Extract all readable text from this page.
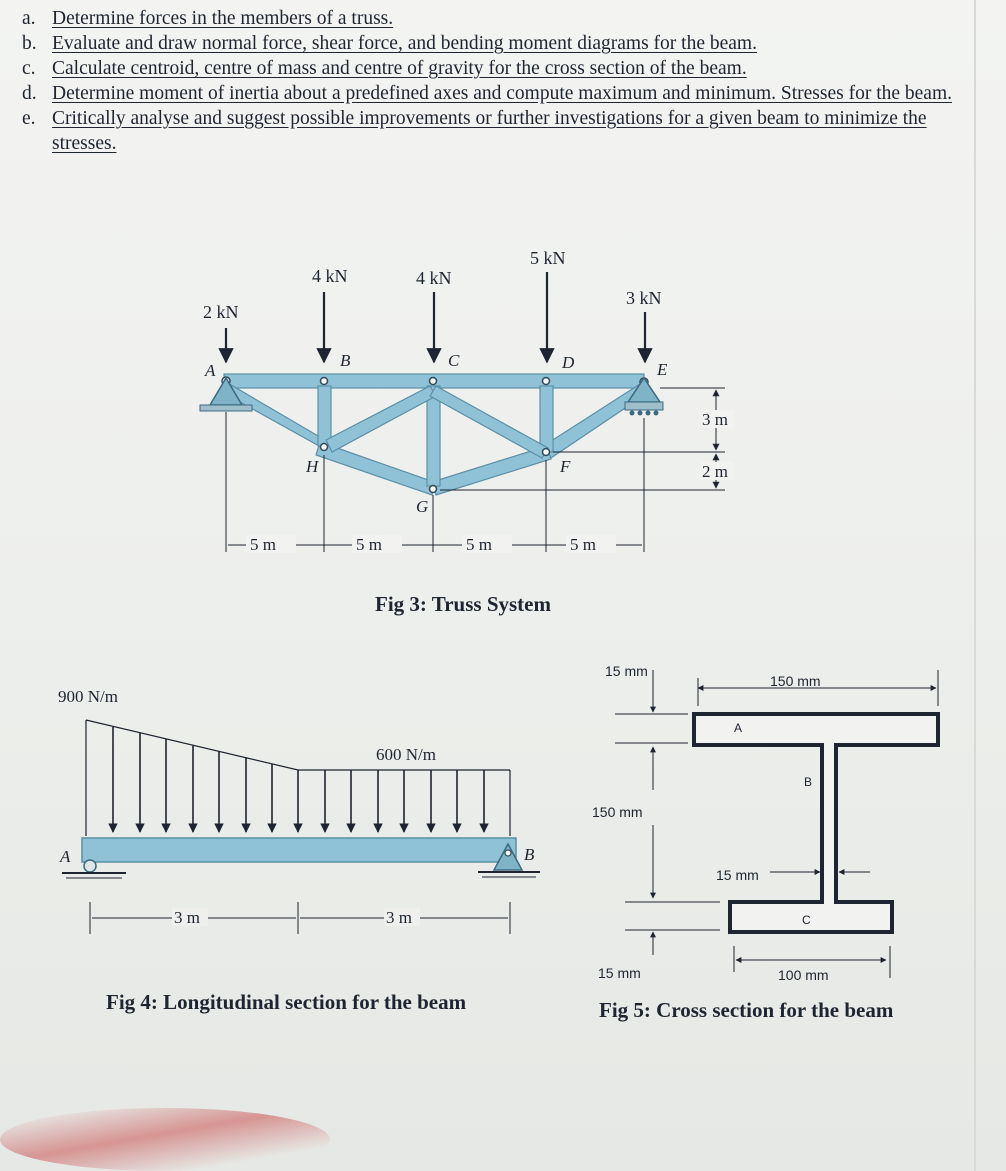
a. Determine forces in the members of a truss.
b. Evaluate and draw normal force, shear force, and bending moment diagrams for the beam.
c. Calculate centroid, centre of mass and centre of gravity for the cross section of the beam.
d. Determine moment of inertia about a predefined axes and compute maximum and minimum. Stresses for the beam.
e. Critically analyse and suggest possible improvements or further investigations for a given beam to minimize the stresses.
2 kN
4 kN	4 kN
5 kN
3 kN
A
B	C	D	E
F
G
H
5 m	5 m	5 m	5 m
3 m
2 m
Fig 3: Truss System
900 N/m
600 N/m
A	B
3 m	3 m
Fig 4: Longitudinal section for the beam
15 mm
150 mm
150 mm
15 mm
15 mm	100 mm
A
B
C
Fig 5: Cross section for the beam
